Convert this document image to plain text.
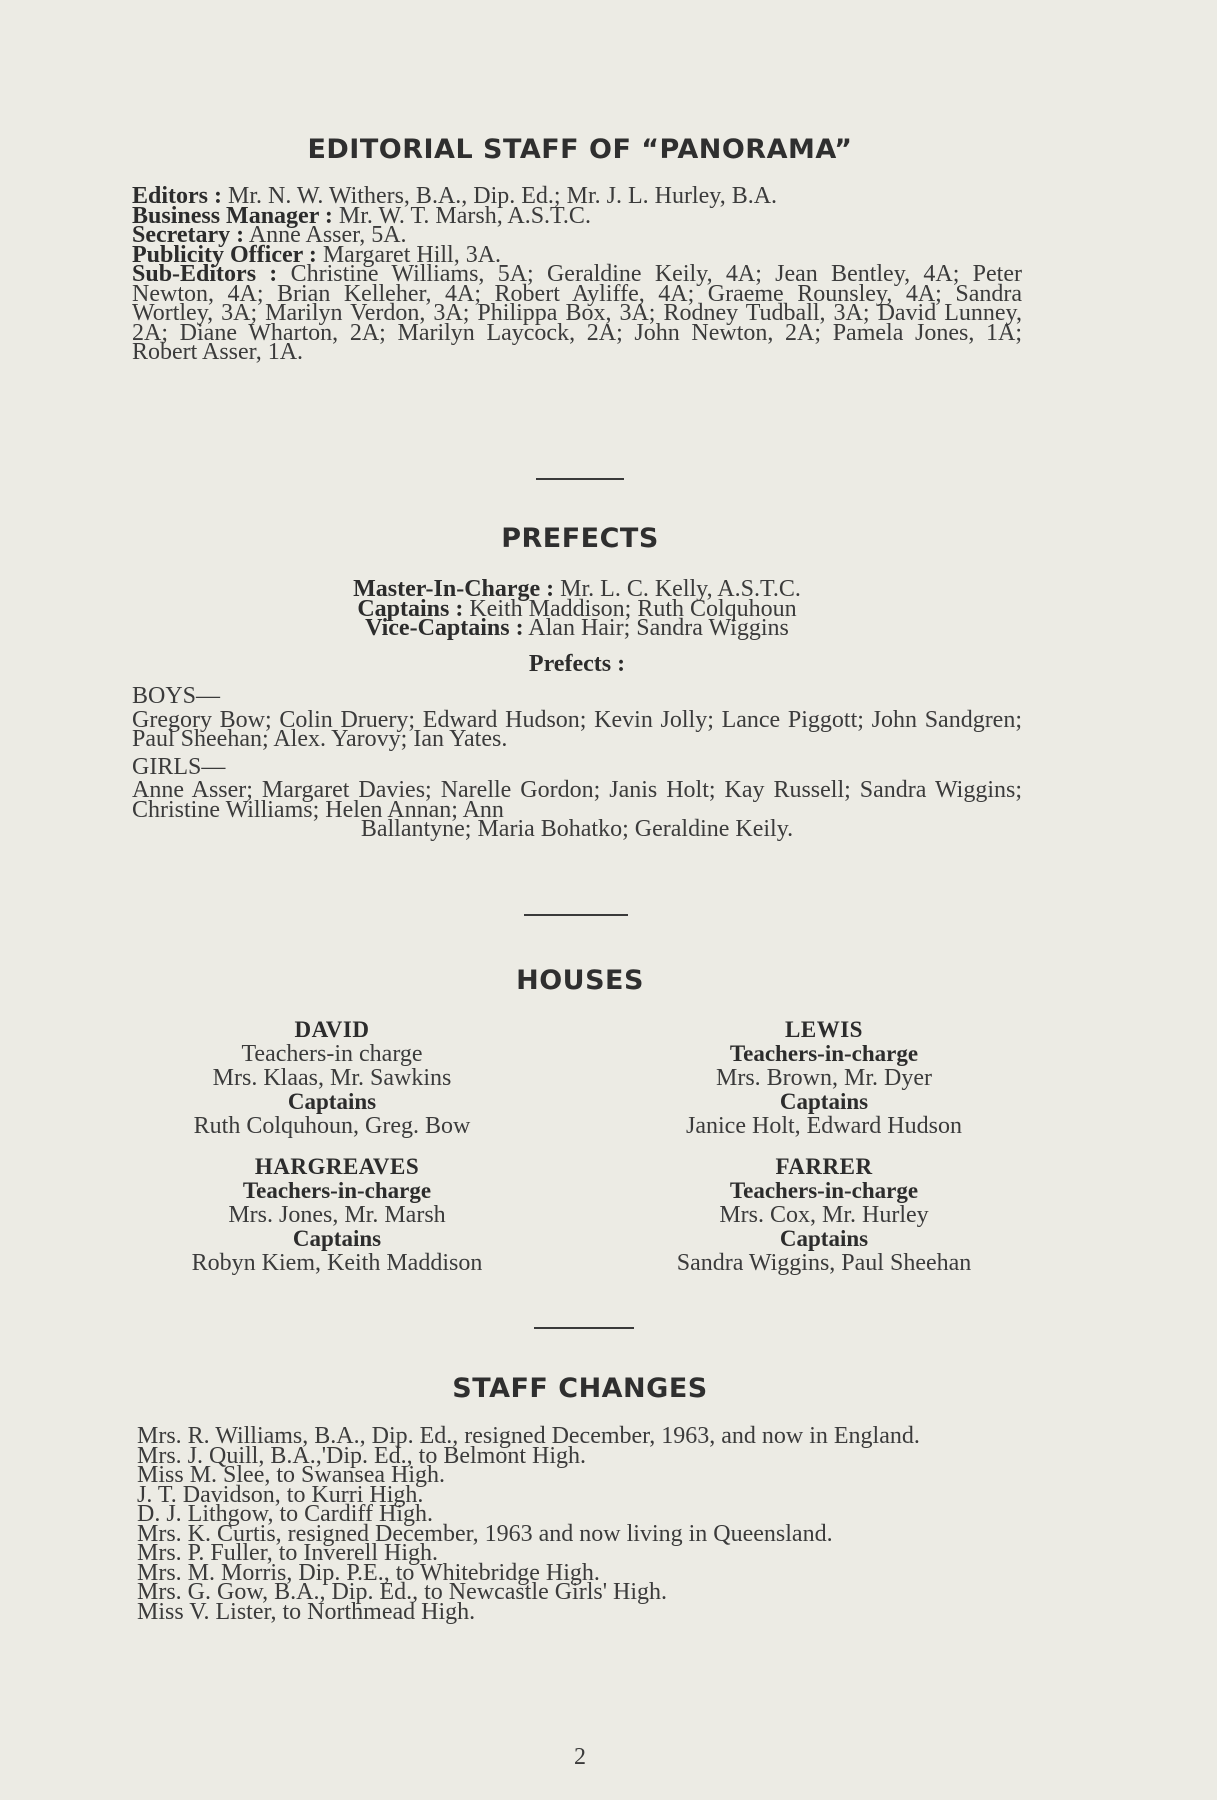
EDITORIAL STAFF OF “PANORAMA”
Editors : Mr. N. W. Withers, B.A., Dip. Ed.; Mr. J. L. Hurley, B.A.
Business Manager : Mr. W. T. Marsh, A.S.T.C.
Secretary : Anne Asser, 5A.
Publicity Officer : Margaret Hill, 3A.
Sub-Editors : Christine Williams, 5A; Geraldine Keily, 4A; Jean Bentley, 4A; Peter Newton, 4A; Brian Kelleher, 4A; Robert Ayliffe, 4A; Graeme Rounsley, 4A; Sandra Wortley, 3A; Marilyn Verdon, 3A; Philippa Box, 3A; Rodney Tudball, 3A; David Lunney, 2A; Diane Wharton, 2A; Marilyn Laycock, 2A; John Newton, 2A; Pamela Jones, 1A; Robert Asser, 1A.
PREFECTS
Master-In-Charge : Mr. L. C. Kelly, A.S.T.C.
Captains : Keith Maddison; Ruth Colquhoun
Vice-Captains : Alan Hair; Sandra Wiggins
Prefects :
BOYS—
Gregory Bow; Colin Druery; Edward Hudson; Kevin Jolly; Lance Piggott; John Sandgren; Paul Sheehan; Alex. Yarovy; Ian Yates.
GIRLS—
Anne Asser; Margaret Davies; Narelle Gordon; Janis Holt; Kay Russell; Sandra Wiggins; Christine Williams; Helen Annan; Ann
Ballantyne; Maria Bohatko; Geraldine Keily.
HOUSES
DAVID
Teachers-in charge
Mrs. Klaas, Mr. Sawkins
Captains
Ruth Colquhoun, Greg. Bow
LEWIS
Teachers-in-charge
Mrs. Brown, Mr. Dyer
Captains
Janice Holt, Edward Hudson
HARGREAVES
Teachers-in-charge
Mrs. Jones, Mr. Marsh
Captains
Robyn Kiem, Keith Maddison
FARRER
Teachers-in-charge
Mrs. Cox, Mr. Hurley
Captains
Sandra Wiggins, Paul Sheehan
STAFF CHANGES
Mrs. R. Williams, B.A., Dip. Ed., resigned December, 1963, and now in England.
Mrs. J. Quill, B.A.,'Dip. Ed., to Belmont High.
Miss M. Slee, to Swansea High.
J. T. Davidson, to Kurri High.
D. J. Lithgow, to Cardiff High.
Mrs. K. Curtis, resigned December, 1963 and now living in Queensland.
Mrs. P. Fuller, to Inverell High.
Mrs. M. Morris, Dip. P.E., to Whitebridge High.
Mrs. G. Gow, B.A., Dip. Ed., to Newcastle Girls' High.
Miss V. Lister, to Northmead High.
2
